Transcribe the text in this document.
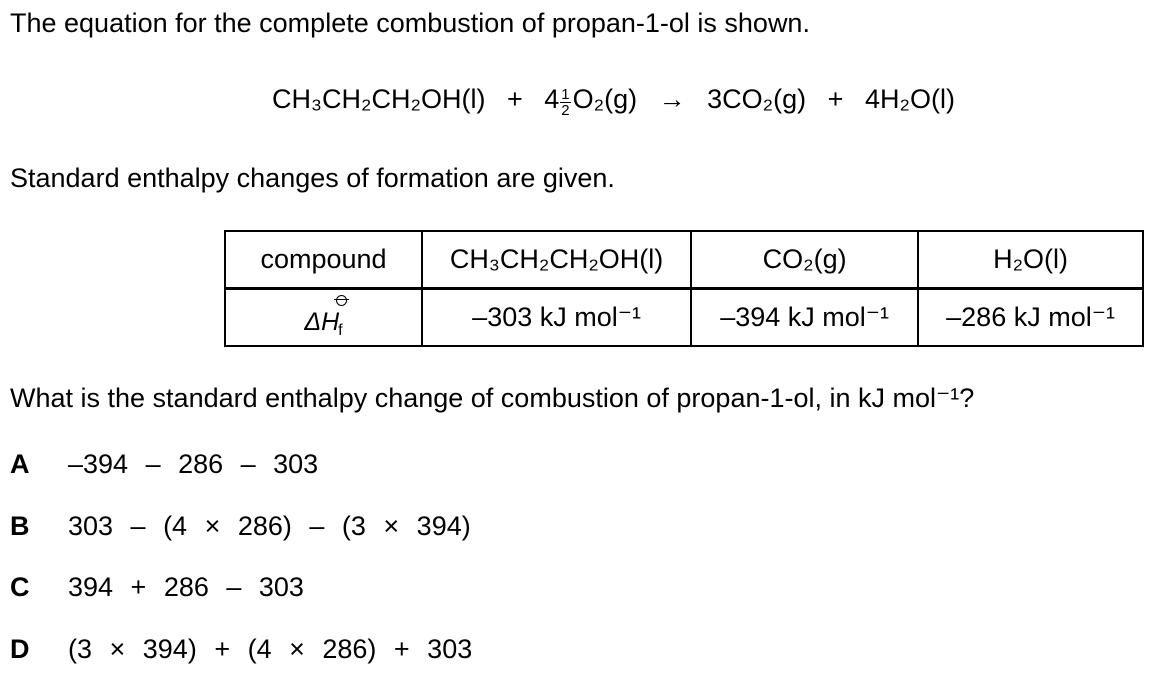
The equation for the complete combustion of propan-1-ol is shown.
$CH_3CH_2CH_2OH(l) + 4 \frac{1}{2} O_2(g) \to 3CO_2(g) + 4H_2O(l)$
Standard enthalpy changes of formation are given.
compound	CH₃CH₂CH₂OH(l)	CO₂(g)	H₂O(l)
$\Delta H_f$	–303 kJ mol⁻¹	–394 kJ mol⁻¹	–286 kJ mol⁻¹
What is the standard enthalpy change of combustion of propan-1-ol, in kJ mol⁻¹?
A –394 – 286 – 303
B 303 – (4 × 286) – (3 × 394)
C 394 + 286 – 303
D (3 × 394) + (4 × 286) + 303
